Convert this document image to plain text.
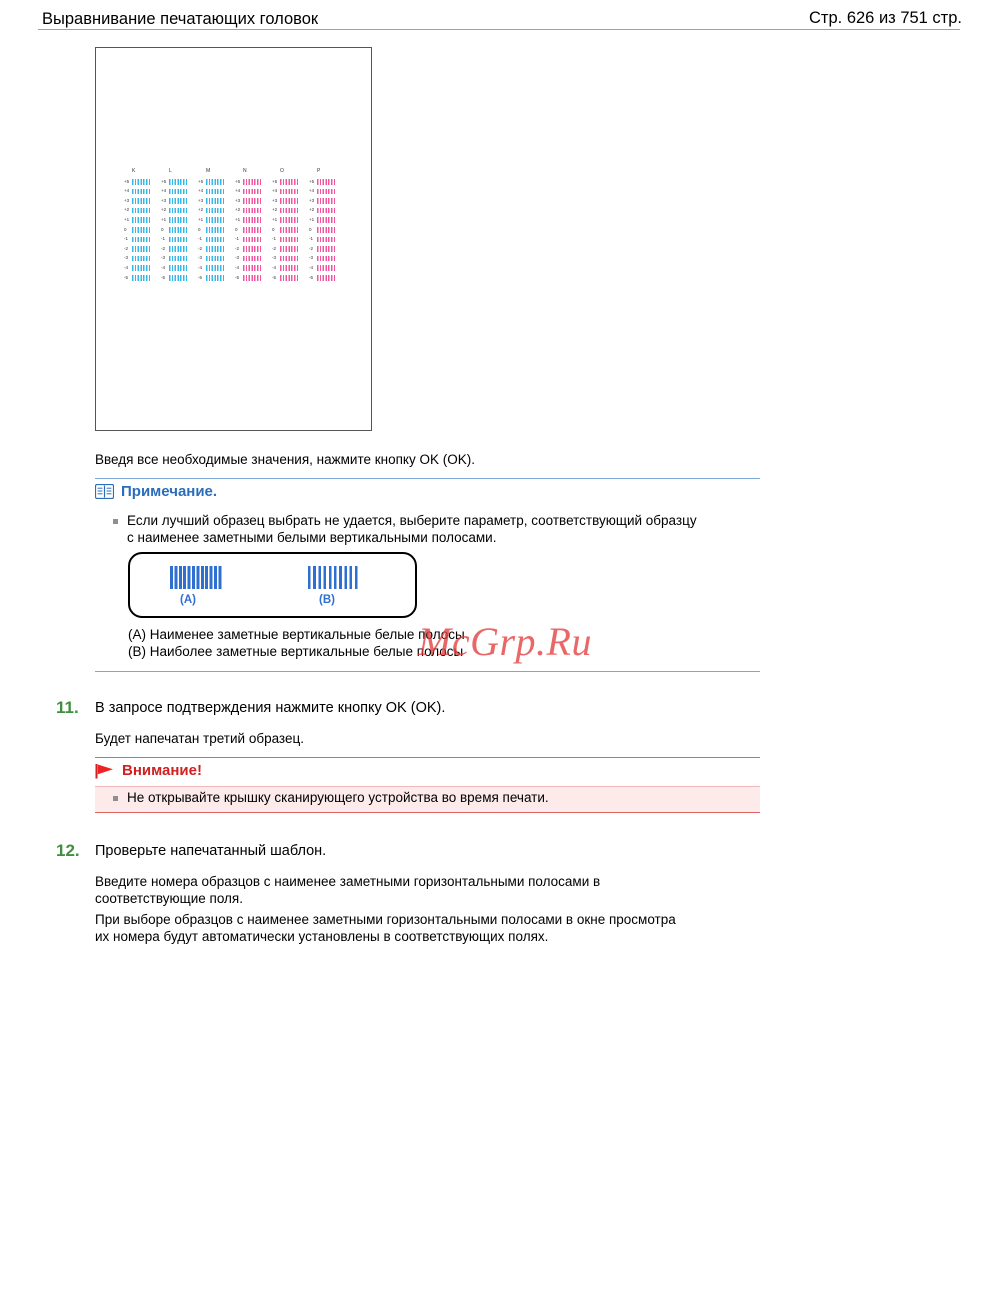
Выравнивание печатающих головок	Стр. 626 из 751 стр.
K
+5
+4
+3
+2
+1
0
-1
-2
-3
-4
-5
L
+5
+4
+3
+2
+1
0
-1
-2
-3
-4
-5
M
+5
+4
+3
+2
+1
0
-1
-2
-3
-4
-5
N
+5
+4
+3
+2
+1
0
-1
-2
-3
-4
-5
O
+5
+4
+3
+2
+1
0
-1
-2
-3
-4
-5
P
+5
+4
+3
+2
+1
0
-1
-2
-3
-4
-5
Введя все необходимые значения, нажмите кнопку OK (OK).
Примечание.
Если лучший образец выбрать не удается, выберите параметр, соответствующий образцу
с наименее заметными белыми вертикальными полосами.
(A)	(B)
(A) Наименее заметные вертикальные белые полосы
(B) Наиболее заметные вертикальные белые полосы
McGrp.Ru
11. В запросе подтверждения нажмите кнопку OK (OK).
Будет напечатан третий образец.
Внимание!
Не открывайте крышку сканирующего устройства во время печати.
12. Проверьте напечатанный шаблон.
Введите номера образцов с наименее заметными горизонтальными полосами в
соответствующие поля.
При выборе образцов с наименее заметными горизонтальными полосами в окне просмотра
их номера будут автоматически установлены в соответствующих полях.
